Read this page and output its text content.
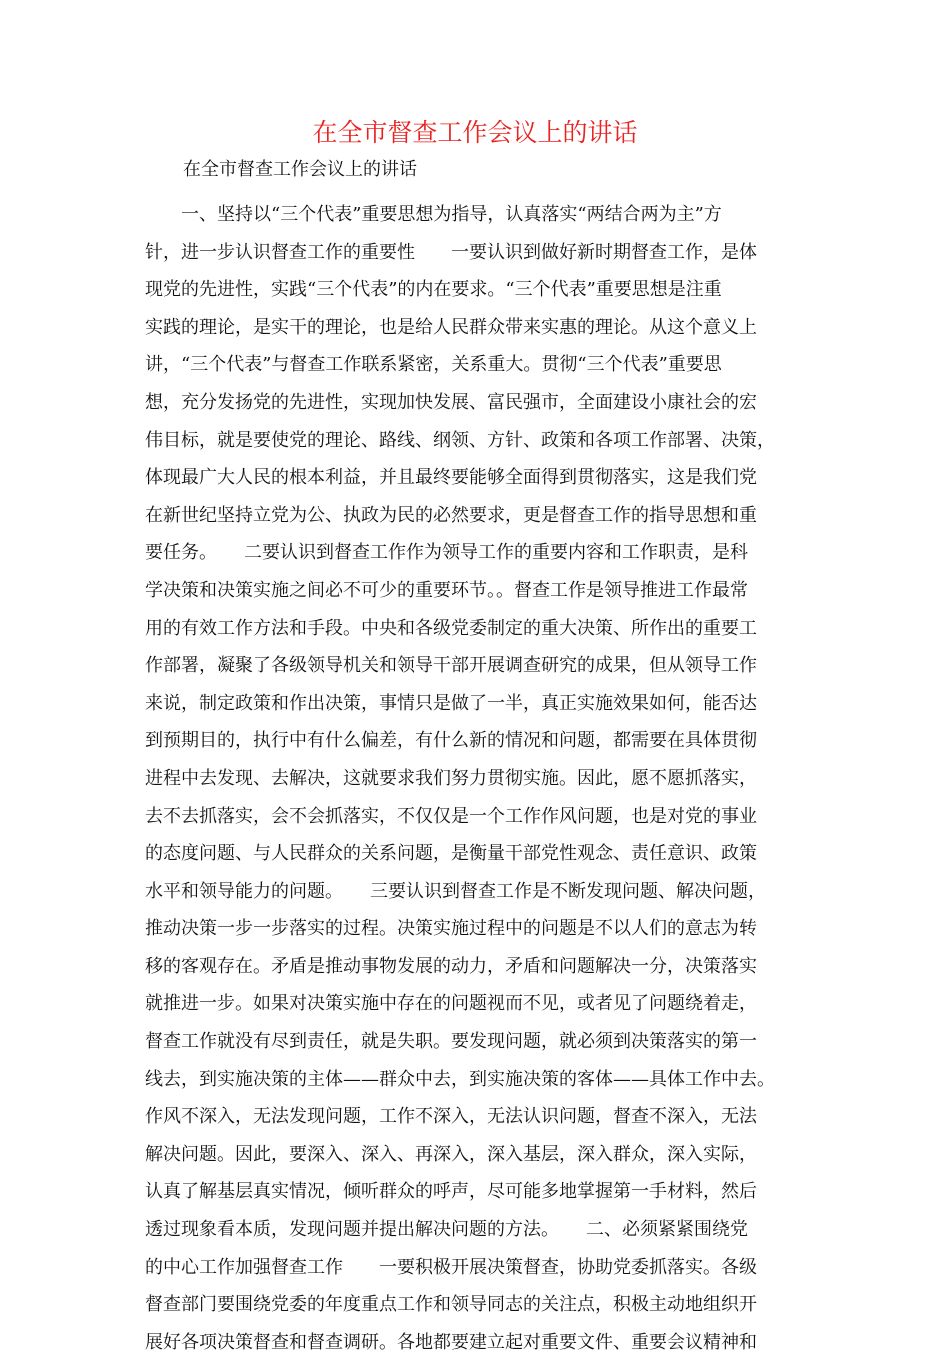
在全市督查工作会议上的讲话

在全市督查工作会议上的讲话

　　一、坚持以“三个代表”重要思想为指导，认真落实“两结合两为主”方
针，进一步认识督查工作的重要性　　一要认识到做好新时期督查工作，是体
现党的先进性，实践“三个代表”的内在要求。“三个代表”重要思想是注重
实践的理论，是实干的理论，也是给人民群众带来实惠的理论。从这个意义上
讲，“三个代表”与督查工作联系紧密，关系重大。贯彻“三个代表”重要思
想，充分发扬党的先进性，实现加快发展、富民强市，全面建设小康社会的宏
伟目标，就是要使党的理论、路线、纲领、方针、政策和各项工作部署、决策，
体现最广大人民的根本利益，并且最终要能够全面得到贯彻落实，这是我们党
在新世纪坚持立党为公、执政为民的必然要求，更是督查工作的指导思想和重
要任务。　　二要认识到督查工作作为领导工作的重要内容和工作职责，是科
学决策和决策实施之间必不可少的重要环节。。督查工作是领导推进工作最常
用的有效工作方法和手段。中央和各级党委制定的重大决策、所作出的重要工
作部署，凝聚了各级领导机关和领导干部开展调查研究的成果，但从领导工作
来说，制定政策和作出决策，事情只是做了一半，真正实施效果如何，能否达
到预期目的，执行中有什么偏差，有什么新的情况和问题，都需要在具体贯彻
进程中去发现、去解决，这就要求我们努力贯彻实施。因此，愿不愿抓落实，
去不去抓落实，会不会抓落实，不仅仅是一个工作作风问题，也是对党的事业
的态度问题、与人民群众的关系问题，是衡量干部党性观念、责任意识、政策
水平和领导能力的问题。　　三要认识到督查工作是不断发现问题、解决问题，
推动决策一步一步落实的过程。决策实施过程中的问题是不以人们的意志为转
移的客观存在。矛盾是推动事物发展的动力，矛盾和问题解决一分，决策落实
就推进一步。如果对决策实施中存在的问题视而不见，或者见了问题绕着走，
督查工作就没有尽到责任，就是失职。要发现问题，就必须到决策落实的第一
线去，到实施决策的主体——群众中去，到实施决策的客体——具体工作中去。
作风不深入，无法发现问题，工作不深入，无法认识问题，督查不深入，无法
解决问题。因此，要深入、深入、再深入，深入基层，深入群众，深入实际，
认真了解基层真实情况，倾听群众的呼声，尽可能多地掌握第一手材料，然后
透过现象看本质，发现问题并提出解决问题的方法。　　二、必须紧紧围绕党
的中心工作加强督查工作　　一要积极开展决策督查，协助党委抓落实。各级
督查部门要围绕党委的年度重点工作和领导同志的关注点，积极主动地组织开
展好各项决策督查和督查调研。各地都要建立起对重要文件、重要会议精神和
